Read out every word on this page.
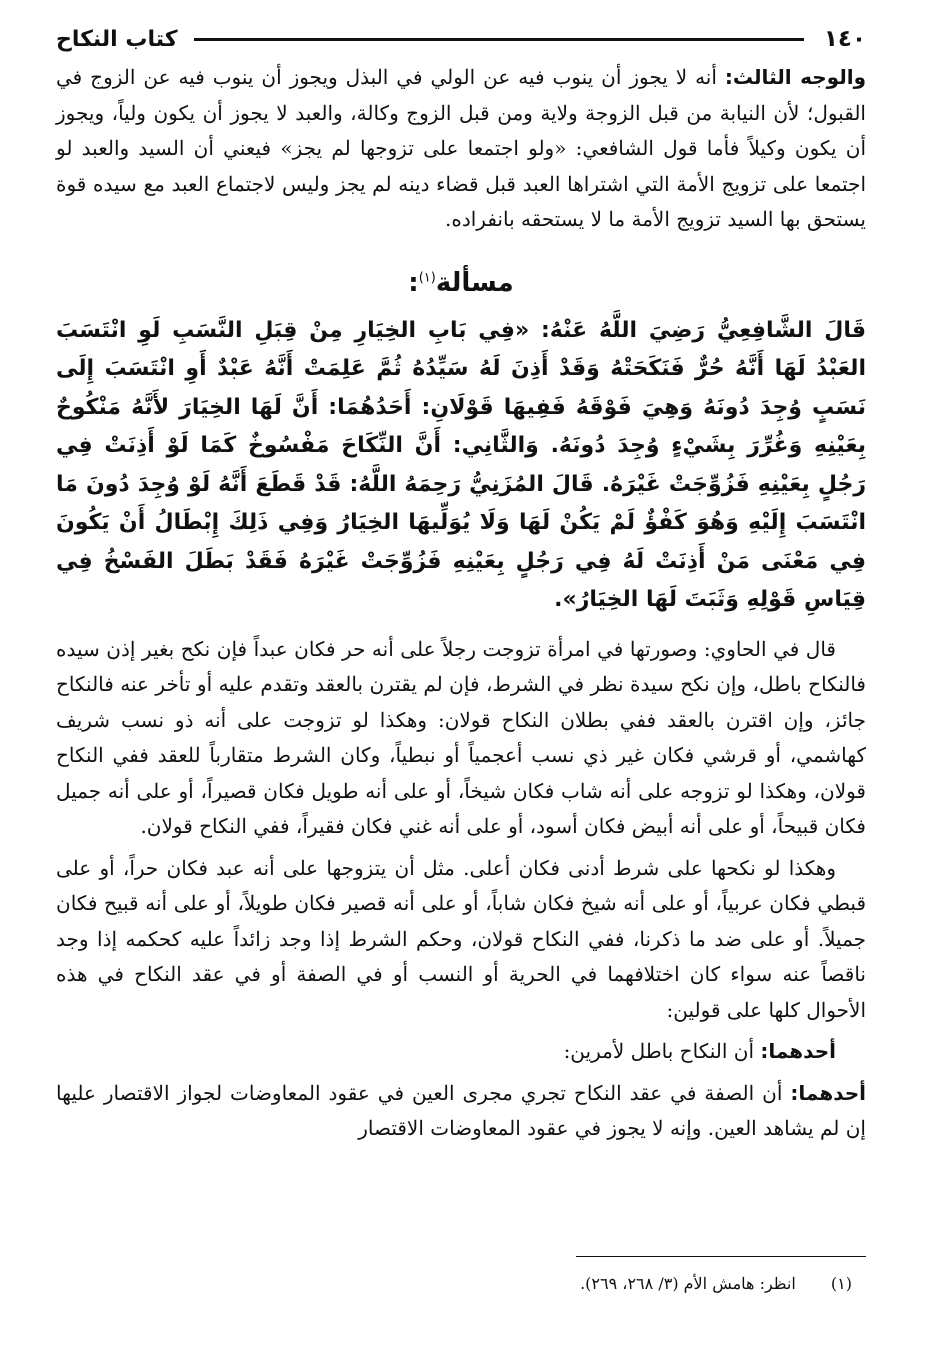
١٤٠
كتاب النكاح

والوجه الثالث: أنه لا يجوز أن ينوب فيه عن الولي في البذل ويجوز أن ينوب فيه عن الزوج في القبول؛ لأن النيابة من قبل الزوجة ولاية ومن قبل الزوج وكالة، والعبد لا يجوز أن يكون ولياً، ويجوز أن يكون وكيلاً فأما قول الشافعي: «ولو اجتمعا على تزوجها لم يجز» فيعني أن السيد والعبد لو اجتمعا على تزويج الأمة التي اشتراها العبد قبل قضاء دينه لم يجز وليس لاجتماع العبد مع سيده قوة يستحق بها السيد تزويج الأمة ما لا يستحقه بانفراده.

مسألة$^{(١)}$:

قَالَ الشَّافِعِيُّ رَضِيَ اللَّهُ عَنْهُ: «فِي بَابِ الخِيَارِ مِنْ قِبَلِ النَّسَبِ لَوِ انْتَسَبَ العَبْدُ لَهَا أَنَّهُ حُرٌّ فَنَكَحَتْهُ وَقَدْ أَذِنَ لَهُ سَيِّدُهُ ثُمَّ عَلِمَتْ أَنَّهُ عَبْدٌ أَوِ انْتَسَبَ إِلَى نَسَبٍ وُجِدَ دُونَهُ وَهِيَ فَوْقَهُ فَفِيهَا قَوْلَانِ: أَحَدُهُمَا: أَنَّ لَهَا الخِيَارَ لأَنَّهُ مَنْكُوحٌ بِعَيْنِهِ وَغُرِّرَ بِشَيْءٍ وُجِدَ دُونَهُ. وَالثَّانِي: أَنَّ النِّكَاحَ مَفْسُوخٌ كَمَا لَوْ أَذِنَتْ فِي رَجُلٍ بِعَيْنِهِ فَزُوِّجَتْ غَيْرَهُ. قَالَ المُزَنِيُّ رَحِمَهُ اللَّهُ: قَدْ قَطَعَ أَنَّهُ لَوْ وُجِدَ دُونَ مَا انْتَسَبَ إِلَيْهِ وَهُوَ كَفْؤٌ لَمْ يَكُنْ لَهَا وَلَا يُوَلِّيهَا الخِيَارُ وَفِي ذَلِكَ إِبْطَالُ أَنْ يَكُونَ فِي مَعْنَى مَنْ أَذِنَتْ لَهُ فِي رَجُلٍ بِعَيْنِهِ فَزُوِّجَتْ غَيْرَهُ فَقَدْ بَطَلَ الفَسْخُ فِي قِيَاسِ قَوْلِهِ وَثَبَتَ لَهَا الخِيَارُ».

قال في الحاوي: وصورتها في امرأة تزوجت رجلاً على أنه حر فكان عبداً فإن نكح بغير إذن سيده فالنكاح باطل، وإن نكح سيدة نظر في الشرط، فإن لم يقترن بالعقد وتقدم عليه أو تأخر عنه فالنكاح جائز، وإن اقترن بالعقد ففي بطلان النكاح قولان: وهكذا لو تزوجت على أنه ذو نسب شريف كهاشمي، أو قرشي فكان غير ذي نسب أعجمياً أو نبطياً، وكان الشرط متقارباً للعقد ففي النكاح قولان، وهكذا لو تزوجه على أنه شاب فكان شيخاً، أو على أنه طويل فكان قصيراً، أو على أنه جميل فكان قبيحاً، أو على أنه أبيض فكان أسود، أو على أنه غني فكان فقيراً، ففي النكاح قولان.

وهكذا لو نكحها على شرط أدنى فكان أعلى. مثل أن يتزوجها على أنه عبد فكان حراً، أو على قبطي فكان عربياً، أو على أنه شيخ فكان شاباً، أو على أنه قصير فكان طويلاً، أو على أنه قبيح فكان جميلاً. أو على ضد ما ذكرنا، ففي النكاح قولان، وحكم الشرط إذا وجد زائداً عليه كحكمه إذا وجد ناقصاً عنه سواء كان اختلافهما في الحرية أو النسب أو في الصفة أو في عقد النكاح في هذه الأحوال كلها على قولين:

أحدهما: أن النكاح باطل لأمرين:

أحدهما: أن الصفة في عقد النكاح تجري مجرى العين في عقود المعاوضات لجواز الاقتصار عليها إن لم يشاهد العين. وإنه لا يجوز في عقود المعاوضات الاقتصار

(١) انظر: هامش الأم (٣/ ٢٦٨، ٢٦٩).
